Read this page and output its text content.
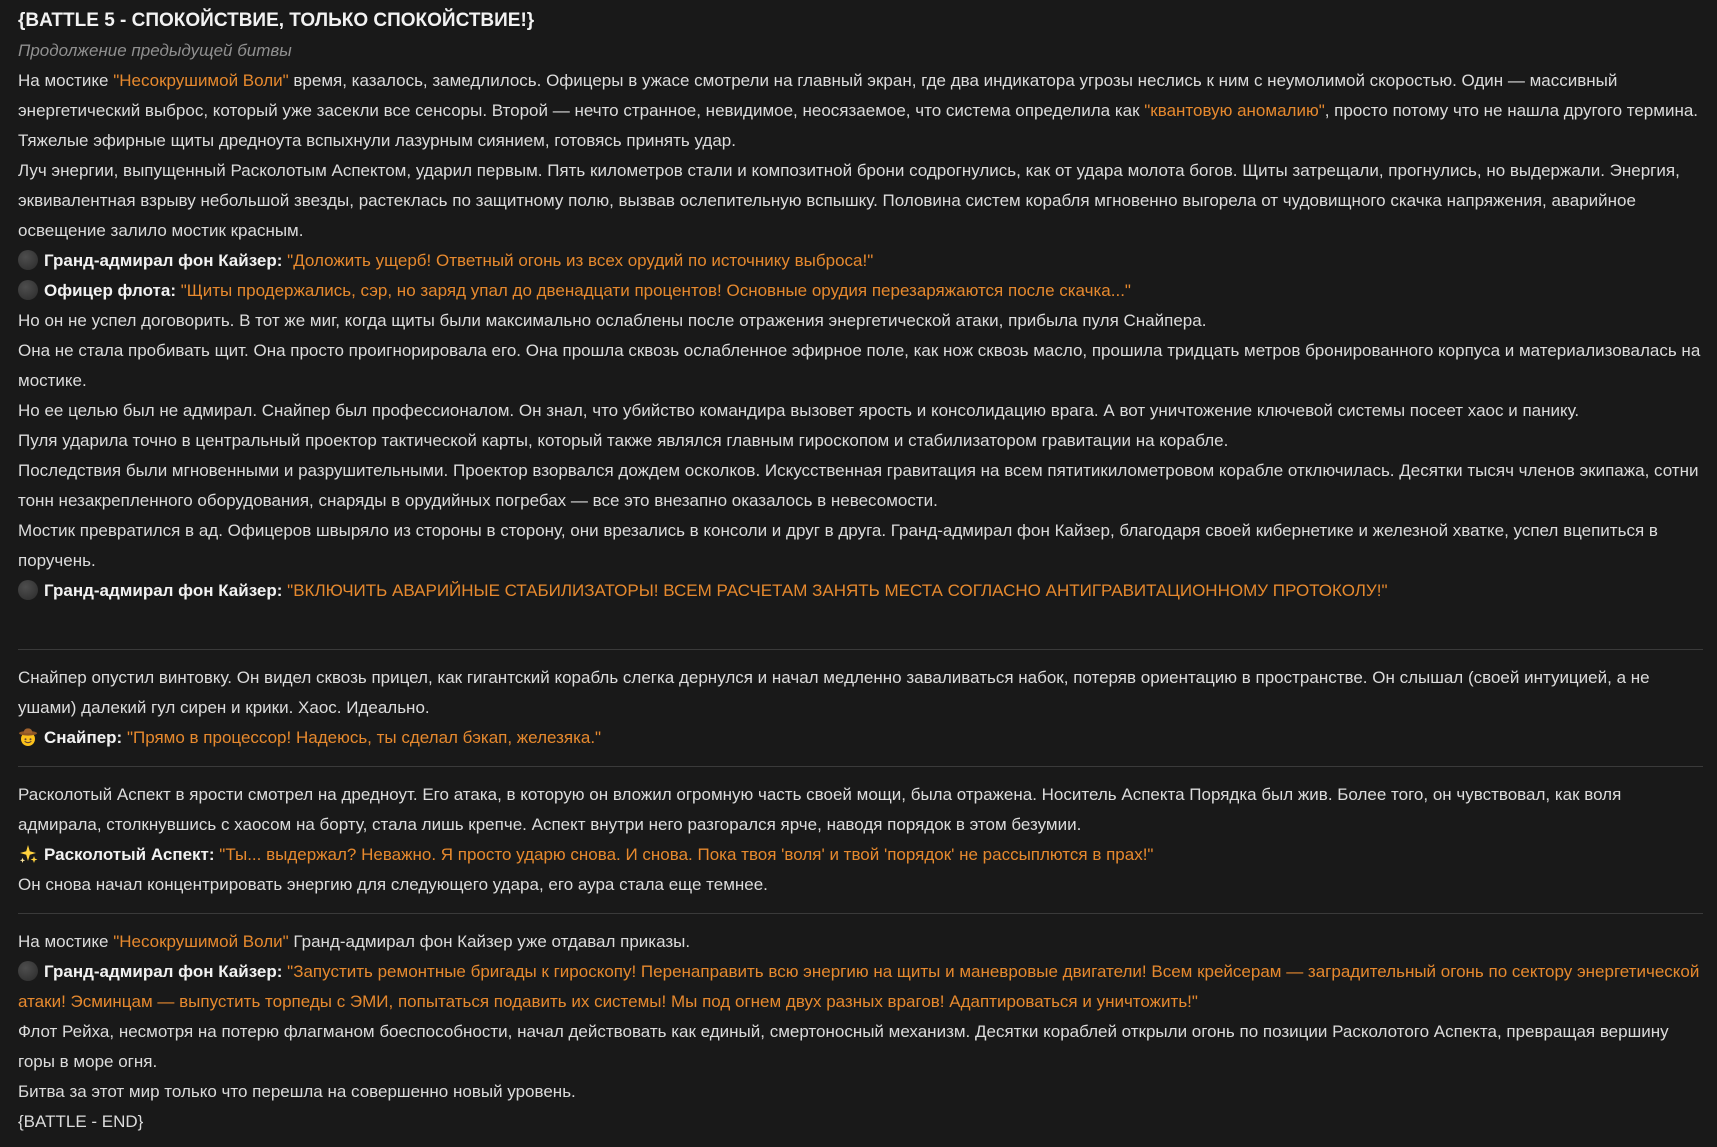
{BATTLE 5 - СПОКОЙСТВИЕ, ТОЛЬКО СПОКОЙСТВИЕ!}

Продолжение предыдущей битвы

На мостике "Несокрушимой Воли" время, казалось, замедлилось. Офицеры в ужасе смотрели на главный экран, где два индикатора угрозы неслись к ним с неумолимой скоростью. Один — массивный энергетический выброс, который уже засекли все сенсоры. Второй — нечто странное, невидимое, неосязаемое, что система определила как "квантовую аномалию", просто потому что не нашла другого термина.

Тяжелые эфирные щиты дредноута вспыхнули лазурным сиянием, готовясь принять удар.

Луч энергии, выпущенный Расколотым Аспектом, ударил первым. Пять километров стали и композитной брони содрогнулись, как от удара молота богов. Щиты затрещали, прогнулись, но выдержали. Энергия, эквивалентная взрыву небольшой звезды, растеклась по защитному полю, вызвав ослепительную вспышку. Половина систем корабля мгновенно выгорела от чудовищного скачка напряжения, аварийное освещение залило мостик красным.

Гранд-адмирал фон Кайзер: "Доложить ущерб! Ответный огонь из всех орудий по источнику выброса!"

Офицер флота: "Щиты продержались, сэр, но заряд упал до двенадцати процентов! Основные орудия перезаряжаются после скачка..."

Но он не успел договорить. В тот же миг, когда щиты были максимально ослаблены после отражения энергетической атаки, прибыла пуля Снайпера.

Она не стала пробивать щит. Она просто проигнорировала его. Она прошла сквозь ослабленное эфирное поле, как нож сквозь масло, прошила тридцать метров бронированного корпуса и материализовалась на мостике.

Но ее целью был не адмирал. Снайпер был профессионалом. Он знал, что убийство командира вызовет ярость и консолидацию врага. А вот уничтожение ключевой системы посеет хаос и панику.

Пуля ударила точно в центральный проектор тактической карты, который также являлся главным гироскопом и стабилизатором гравитации на корабле.

Последствия были мгновенными и разрушительными. Проектор взорвался дождем осколков. Искусственная гравитация на всем пятитикилометровом корабле отключилась. Десятки тысяч членов экипажа, сотни тонн незакрепленного оборудования, снаряды в орудийных погребах — все это внезапно оказалось в невесомости.

Мостик превратился в ад. Офицеров швыряло из стороны в сторону, они врезались в консоли и друг в друга. Гранд-адмирал фон Кайзер, благодаря своей кибернетике и железной хватке, успел вцепиться в поручень.

Гранд-адмирал фон Кайзер: "ВКЛЮЧИТЬ АВАРИЙНЫЕ СТАБИЛИЗАТОРЫ! ВСЕМ РАСЧЕТАМ ЗАНЯТЬ МЕСТА СОГЛАСНО АНТИГРАВИТАЦИОННОМУ ПРОТОКОЛУ!"

Снайпер опустил винтовку. Он видел сквозь прицел, как гигантский корабль слегка дернулся и начал медленно заваливаться набок, потеряв ориентацию в пространстве. Он слышал (своей интуицией, а не ушами) далекий гул сирен и крики. Хаос. Идеально.

Снайпер: "Прямо в процессор! Надеюсь, ты сделал бэкап, железяка."

Расколотый Аспект в ярости смотрел на дредноут. Его атака, в которую он вложил огромную часть своей мощи, была отражена. Носитель Аспекта Порядка был жив. Более того, он чувствовал, как воля адмирала, столкнувшись с хаосом на борту, стала лишь крепче. Аспект внутри него разгорался ярче, наводя порядок в этом безумии.

Расколотый Аспект: "Ты... выдержал? Неважно. Я просто ударю снова. И снова. Пока твоя 'воля' и твой 'порядок' не рассыплются в прах!"

Он снова начал концентрировать энергию для следующего удара, его аура стала еще темнее.

На мостике "Несокрушимой Воли" Гранд-адмирал фон Кайзер уже отдавал приказы.

Гранд-адмирал фон Кайзер: "Запустить ремонтные бригады к гироскопу! Перенаправить всю энергию на щиты и маневровые двигатели! Всем крейсерам — заградительный огонь по сектору энергетической атаки! Эсминцам — выпустить торпеды с ЭМИ, попытаться подавить их системы! Мы под огнем двух разных врагов! Адаптироваться и уничтожить!"

Флот Рейха, несмотря на потерю флагманом боеспособности, начал действовать как единый, смертоносный механизм. Десятки кораблей открыли огонь по позиции Расколотого Аспекта, превращая вершину горы в море огня.

Битва за этот мир только что перешла на совершенно новый уровень.

{BATTLE - END}
